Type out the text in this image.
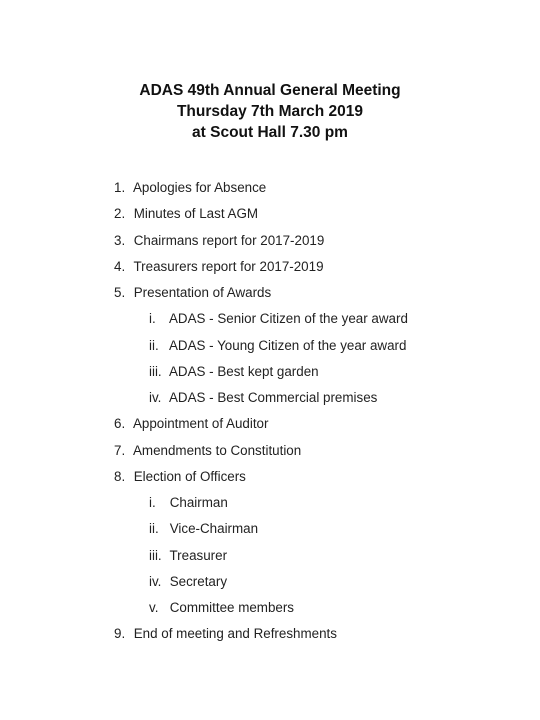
ADAS 49th Annual General Meeting
Thursday 7th March 2019
at Scout Hall 7.30 pm
1. Apologies for Absence
2. Minutes of Last AGM
3. Chairmans report for 2017-2019
4. Treasurers report for 2017-2019
5. Presentation of Awards
i. ADAS - Senior Citizen of the year award
ii. ADAS - Young Citizen of the year award
iii. ADAS - Best kept garden
iv. ADAS - Best Commercial premises
6. Appointment of Auditor
7. Amendments to Constitution
8. Election of Officers
i. Chairman
ii. Vice-Chairman
iii. Treasurer
iv. Secretary
v. Committee members
9. End of meeting and Refreshments
